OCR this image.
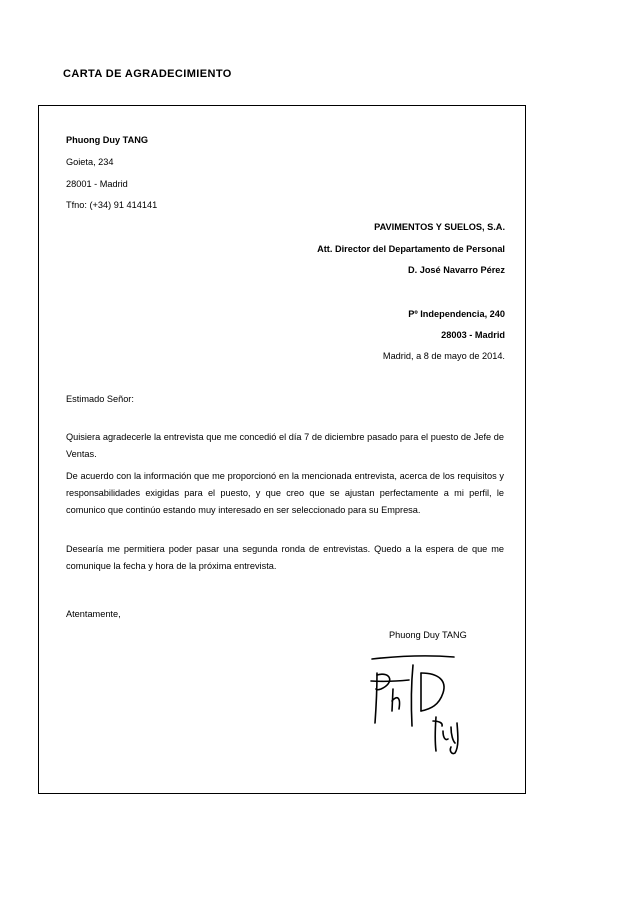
CARTA DE AGRADECIMIENTO
Phuong Duy TANG
Goieta, 234
28001 - Madrid
Tfno: (+34) 91 414141
PAVIMENTOS Y SUELOS, S.A.
Att. Director del Departamento de Personal
D. José Navarro Pérez
Pº Independencia, 240
28003 - Madrid
Madrid, a 8 de mayo de 2014.
Estimado Señor:
Quisiera agradecerle la entrevista que me concedió el día 7 de diciembre pasado para el puesto de Jefe de Ventas.
De acuerdo con la información que me proporcionó en la mencionada entrevista, acerca de los requisitos y responsabilidades exigidas para el puesto, y que creo que se ajustan perfectamente a mi perfil, le comunico que continúo estando muy interesado en ser seleccionado para su Empresa.
Desearía me permitiera poder pasar una segunda ronda de entrevistas. Quedo a la espera de que me comunique la fecha y hora de la próxima entrevista.
Atentamente,
Phuong Duy TANG
